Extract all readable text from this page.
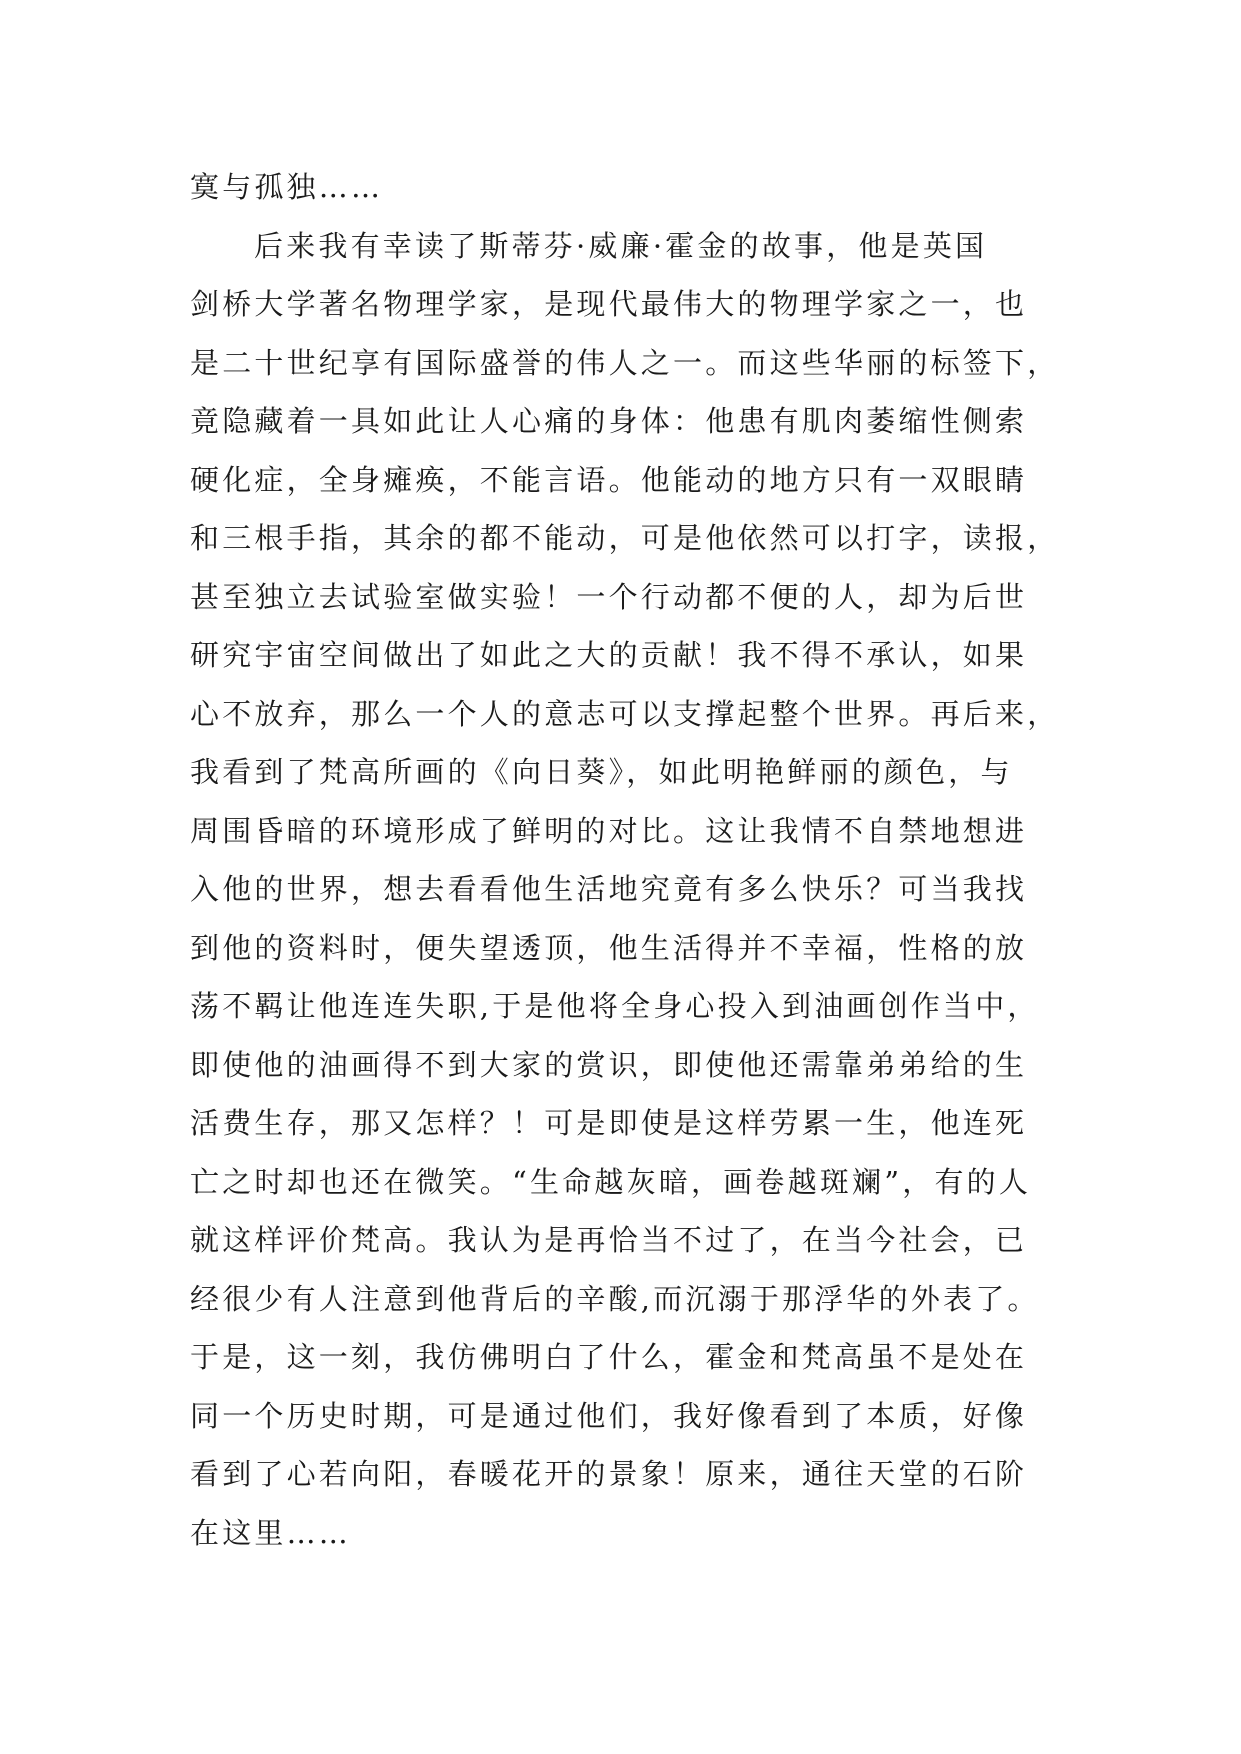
寞与孤独……
后来我有幸读了斯蒂芬·威廉·霍金的故事，他是英国
剑桥大学著名物理学家，是现代最伟大的物理学家之一，也
是二十世纪享有国际盛誉的伟人之一。而这些华丽的标签下，
竟隐藏着一具如此让人心痛的身体：他患有肌肉萎缩性侧索
硬化症，全身瘫痪，不能言语。他能动的地方只有一双眼睛
和三根手指，其余的都不能动，可是他依然可以打字，读报，
甚至独立去试验室做实验！一个行动都不便的人，却为后世
研究宇宙空间做出了如此之大的贡献！我不得不承认，如果
心不放弃，那么一个人的意志可以支撑起整个世界。再后来，
我看到了梵高所画的《向日葵》，如此明艳鲜丽的颜色，与
周围昏暗的环境形成了鲜明的对比。这让我情不自禁地想进
入他的世界，想去看看他生活地究竟有多么快乐？可当我找
到他的资料时，便失望透顶，他生活得并不幸福，性格的放
荡不羁让他连连失职,于是他将全身心投入到油画创作当中，
即使他的油画得不到大家的赏识，即使他还需靠弟弟给的生
活费生存，那又怎样？！可是即使是这样劳累一生，他连死
亡之时却也还在微笑。“生命越灰暗，画卷越斑斓”，有的人
就这样评价梵高。我认为是再恰当不过了，在当今社会，已
经很少有人注意到他背后的辛酸,而沉溺于那浮华的外表了。
于是，这一刻，我仿佛明白了什么，霍金和梵高虽不是处在
同一个历史时期，可是通过他们，我好像看到了本质，好像
看到了心若向阳，春暖花开的景象！原来，通往天堂的石阶
在这里……
